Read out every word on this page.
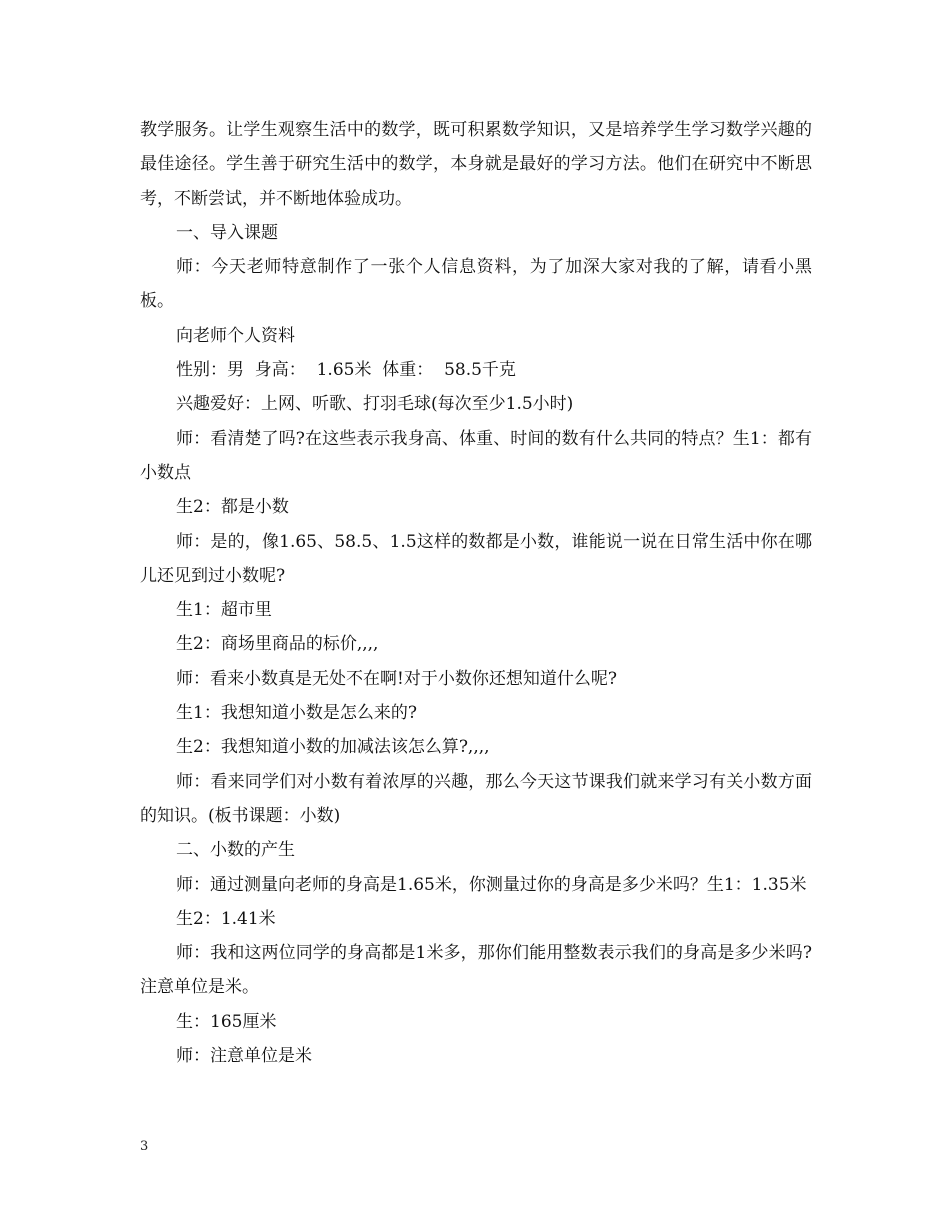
教学服务。让学生观察生活中的数学，既可积累数学知识，又是培养学生学习数学兴趣的最佳途径。学生善于研究生活中的数学，本身就是最好的学习方法。他们在研究中不断思考，不断尝试，并不断地体验成功。

一、导入课题

师：今天老师特意制作了一张个人信息资料，为了加深大家对我的了解，请看小黑板。

向老师个人资料

性别：男  身高：  1.65米  体重：  58.5千克

兴趣爱好：上网、听歌、打羽毛球(每次至少1.5小时)

师：看清楚了吗?在这些表示我身高、体重、时间的数有什么共同的特点？生1：都有小数点

生2：都是小数

师：是的，像1.65、58.5、1.5这样的数都是小数，谁能说一说在日常生活中你在哪儿还见到过小数呢?

生1：超市里

生2：商场里商品的标价,,,,

师：看来小数真是无处不在啊!对于小数你还想知道什么呢?

生1：我想知道小数是怎么来的?

生2：我想知道小数的加减法该怎么算?,,,,

师：看来同学们对小数有着浓厚的兴趣，那么今天这节课我们就来学习有关小数方面的知识。(板书课题：小数)

二、小数的产生

师：通过测量向老师的身高是1.65米，你测量过你的身高是多少米吗？生1：1.35米

生2：1.41米

师：我和这两位同学的身高都是1米多，那你们能用整数表示我们的身高是多少米吗?注意单位是米。

生：165厘米

师：注意单位是米

3
